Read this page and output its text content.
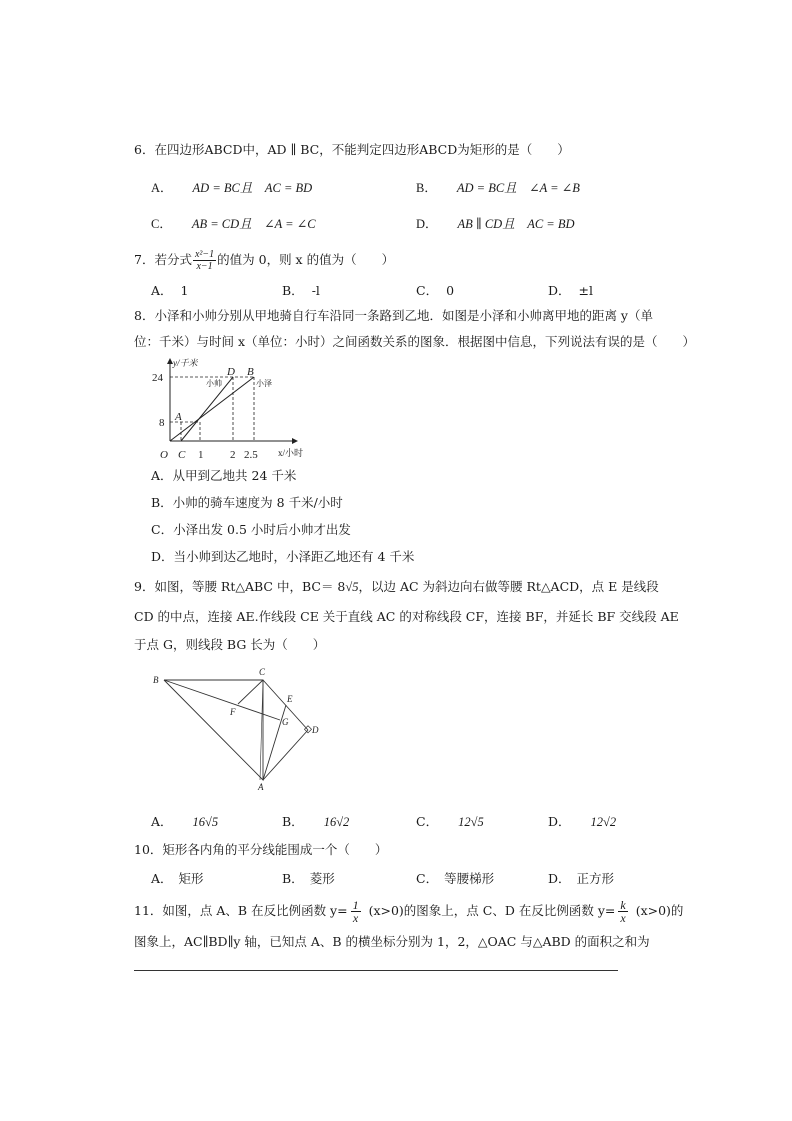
6．在四边形ABCD中，AD ∥ BC，不能判定四边形ABCD为矩形的是（　　）
A． AD = BC且　AC = BD	B． AD = BC且　∠A = ∠B
C． AB = CD且　∠A = ∠C	D． AB ∥ CD且　AC = BD
7．若分式 $\frac{\text{x²−1}}{x-1}$ 的值为 0，则 x 的值为（　　）
A． 1	B． -l	C． 0	D． ±l
8．小泽和小帅分别从甲地骑自行车沿同一条路到乙地．如图是小泽和小帅离甲地的距离 y（单
位：千米）与时间 x（单位：小时）之间函数关系的图象．根据图中信息，下列说法有误的是（　　）
y/千米
24
8
O C 1 2 2.5 x/小时
A
D B
小帅	小泽
A．从甲到乙地共 24 千米
B．小帅的骑车速度为 8 千米/小时
C．小泽出发 0.5 小时后小帅才出发
D．当小帅到达乙地时，小泽距乙地还有 4 千米
9．如图，等腰 Rt△ABC 中，BC＝ 8√5，以边 AC 为斜边向右做等腰 Rt△ACD，点 E 是线段
CD 的中点，连接 AE.作线段 CE 关于直线 AC 的对称线段 CF，连接 BF，并延长 BF 交线段 AE
于点 G，则线段 BG 长为（　　）
B
C
E
F
G
D
A
A． 16√5	B． 16√2	C． 12√5	D． 12√2
10．矩形各内角的平分线能围成一个（　　）
A． 矩形	B． 菱形	C． 等腰梯形	D． 正方形
11．如图，点 A、B 在反比例函数 $y= \frac{1}{x} (x>0)$的图象上，点 C、D 在反比例函数 $y= \frac{k}{x} (x>0)$的
图象上，AC∥BD∥y 轴，已知点 A、B 的横坐标分别为 1，2，△OAC 与△ABD 的面积之和为
